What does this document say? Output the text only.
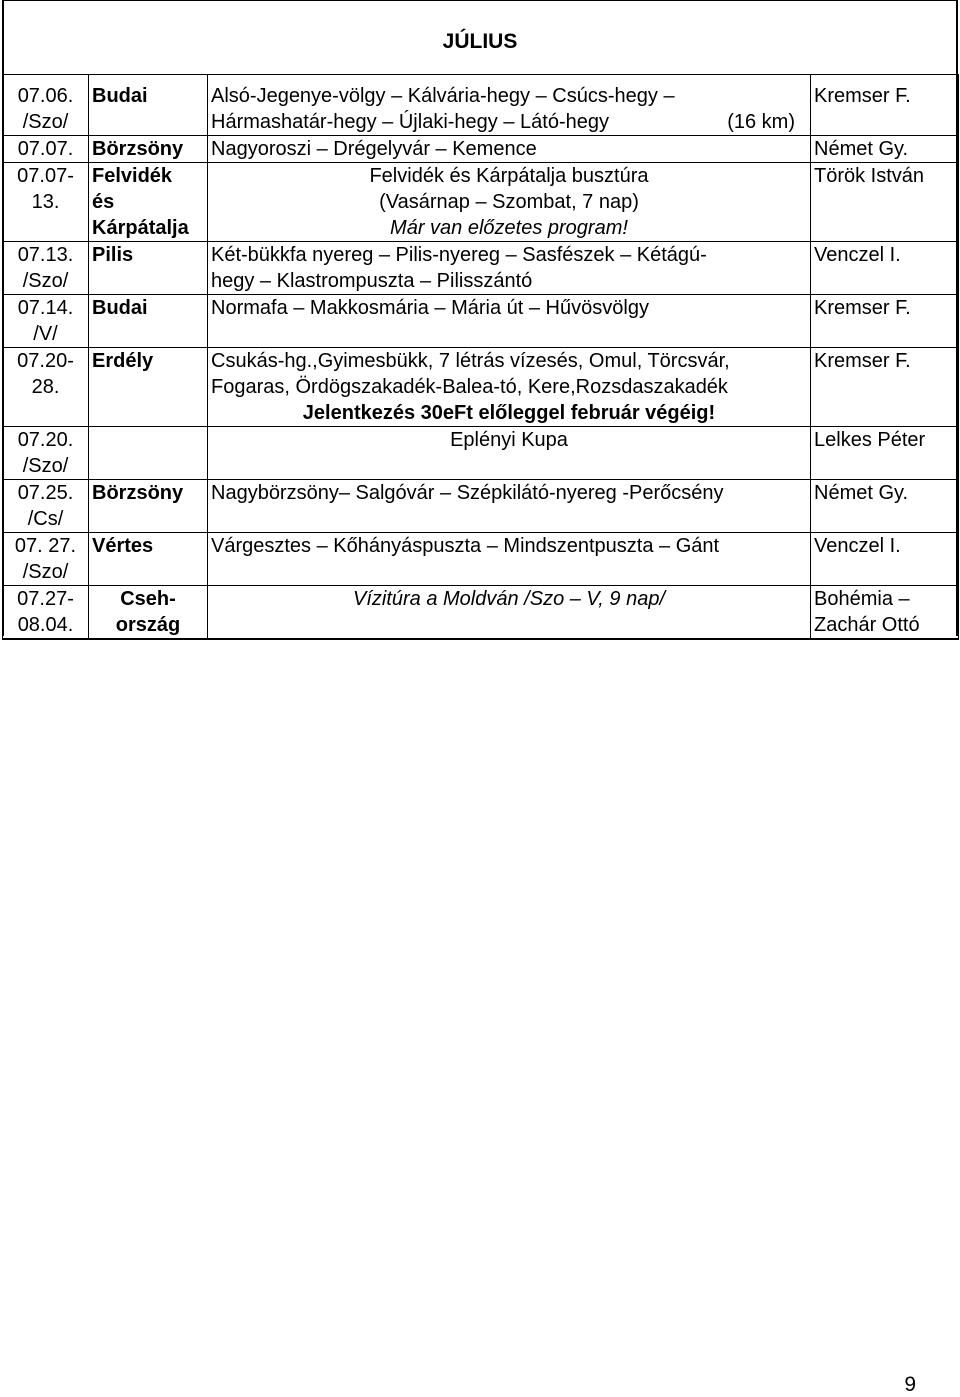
JÚLIUS
07.06.
/Szo/	Budai	Alsó-Jegenye-völgy – Kálvária-hegy – Csúcs-hegy –
Hármashatár-hegy – Újlaki-hegy – Látó-hegy (16 km)	Kremser F.
07.07.	Börzsöny	Nagyoroszi – Drégelyvár – Kemence	Német Gy.
07.07-
13.	Felvidék
és
Kárpátalja	Felvidék és Kárpátalja busztúra
(Vasárnap – Szombat, 7 nap)
Már van előzetes program!	Török István
07.13.
/Szo/	Pilis	Két-bükkfa nyereg – Pilis-nyereg – Sasfészek – Kétágú-
hegy – Klastrompuszta – Pilisszántó	Venczel I.
07.14.
/V/	Budai	Normafa – Makkosmária – Mária út – Hűvösvölgy	Kremser F.
07.20-
28.	Erdély	Csukás-hg.,Gyimesbükk, 7 létrás vízesés, Omul, Törcsvár,
Fogaras, Ördögszakadék-Balea-tó, Kere,Rozsdaszakadék
Jelentkezés 30eFt előleggel február végéig!	Kremser F.
07.20.
/Szo/		Eplényi Kupa	Lelkes Péter
07.25.
/Cs/	Börzsöny	Nagybörzsöny– Salgóvár – Szépkilátó-nyereg -Perőcsény	Német Gy.
07. 27.
/Szo/	Vértes	Várgesztes – Kőhányáspuszta – Mindszentpuszta – Gánt	Venczel I.
07.27-
08.04.	Cseh-
ország	Vízitúra a Moldván /Szo – V, 9 nap/	Bohémia –
Zachár Ottó
9
